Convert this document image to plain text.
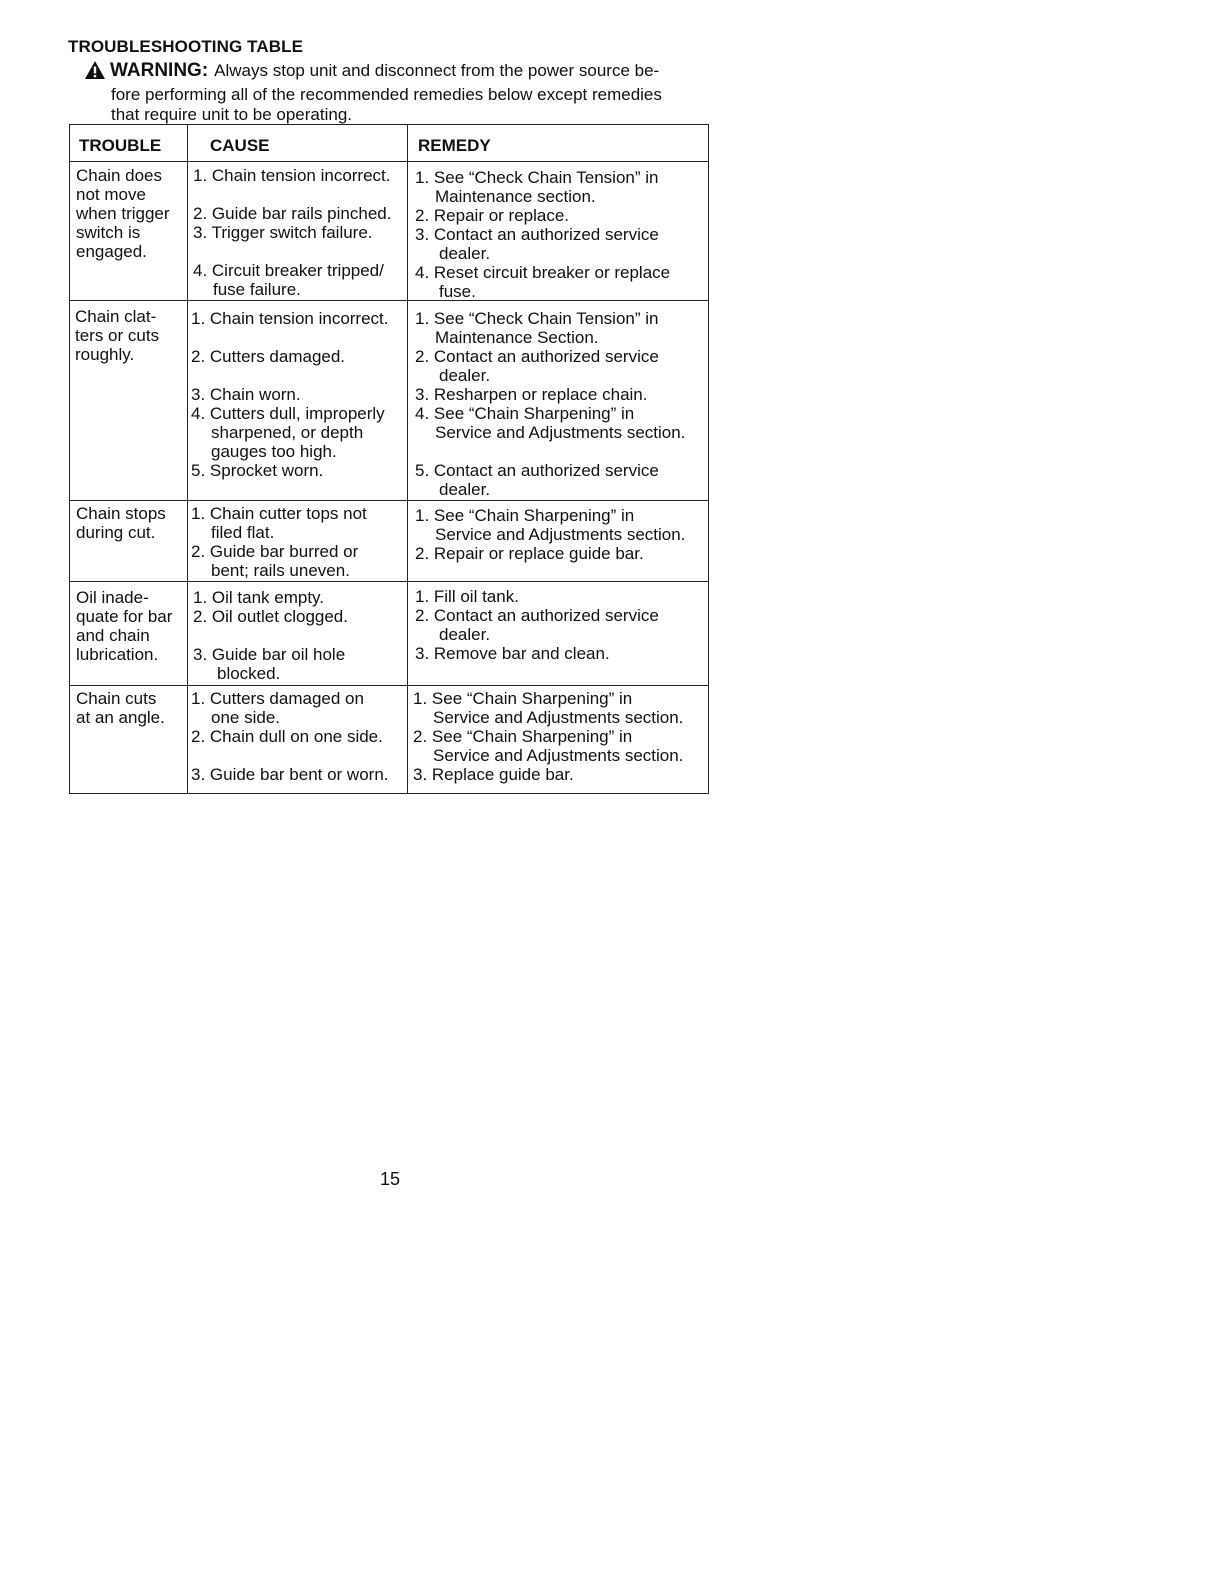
TROUBLESHOOTING TABLE
WARNING: Always stop unit and disconnect from the power source be-
fore performing all of the recommended remedies below except remedies
that require unit to be operating.
TROUBLE	CAUSE	REMEDY
Chain does
not move
when trigger
switch is
engaged.
1. Chain tension incorrect.
2. Guide bar rails pinched.
3. Trigger switch failure.
4. Circuit breaker tripped/
fuse failure.
1. See “Check Chain Tension” in
Maintenance section.
2. Repair or replace.
3. Contact an authorized service
dealer.
4. Reset circuit breaker or replace
fuse.
Chain clat-
ters or cuts
roughly.
1. Chain tension incorrect.
2. Cutters damaged.
3. Chain worn.
4. Cutters dull, improperly
sharpened, or depth
gauges too high.
5. Sprocket worn.
1. See “Check Chain Tension” in
Maintenance Section.
2. Contact an authorized service
dealer.
3. Resharpen or replace chain.
4. See “Chain Sharpening” in
Service and Adjustments section.
5. Contact an authorized service
dealer.
Chain stops
during cut.
1. Chain cutter tops not
filed flat.
2. Guide bar burred or
bent; rails uneven.
1. See “Chain Sharpening” in
Service and Adjustments section.
2. Repair or replace guide bar.
Oil inade-
quate for bar
and chain
lubrication.
1. Oil tank empty.
2. Oil outlet clogged.
3. Guide bar oil hole
blocked.
1. Fill oil tank.
2. Contact an authorized service
dealer.
3. Remove bar and clean.
Chain cuts
at an angle.
1. Cutters damaged on
one side.
2. Chain dull on one side.
3. Guide bar bent or worn.
1. See “Chain Sharpening” in
Service and Adjustments section.
2. See “Chain Sharpening” in
Service and Adjustments section.
3. Replace guide bar.
15
